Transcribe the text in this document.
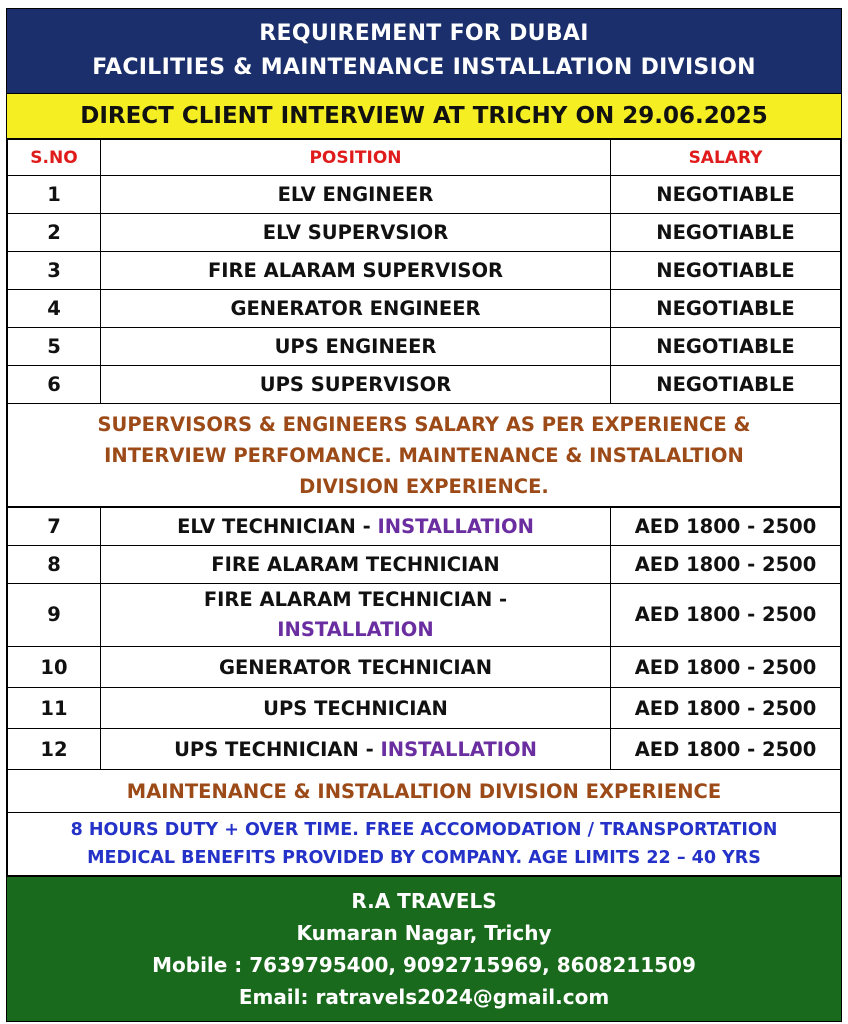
REQUIREMENT FOR DUBAI
FACILITIES & MAINTENANCE INSTALLATION DIVISION
DIRECT CLIENT INTERVIEW AT TRICHY ON 29.06.2025
S.NO	POSITION	SALARY
1	ELV ENGINEER	NEGOTIABLE
2	ELV SUPERVSIOR	NEGOTIABLE
3	FIRE ALARAM SUPERVISOR	NEGOTIABLE
4	GENERATOR ENGINEER	NEGOTIABLE
5	UPS ENGINEER	NEGOTIABLE
6	UPS SUPERVISOR	NEGOTIABLE
SUPERVISORS & ENGINEERS SALARY AS PER EXPERIENCE &
INTERVIEW PERFOMANCE. MAINTENANCE & INSTALALTION
DIVISION EXPERIENCE.
7	ELV TECHNICIAN - INSTALLATION	AED 1800 - 2500
8	FIRE ALARAM TECHNICIAN	AED 1800 - 2500
9	FIRE ALARAM TECHNICIAN -
INSTALLATION	AED 1800 - 2500
10	GENERATOR TECHNICIAN	AED 1800 - 2500
11	UPS TECHNICIAN	AED 1800 - 2500
12	UPS TECHNICIAN - INSTALLATION	AED 1800 - 2500
MAINTENANCE & INSTALALTION DIVISION EXPERIENCE
8 HOURS DUTY + OVER TIME. FREE ACCOMODATION / TRANSPORTATION
MEDICAL BENEFITS PROVIDED BY COMPANY. AGE LIMITS 22 – 40 YRS
R.A TRAVELS
Kumaran Nagar, Trichy
Mobile : 7639795400, 9092715969, 8608211509
Email: ratravels2024@gmail.com
